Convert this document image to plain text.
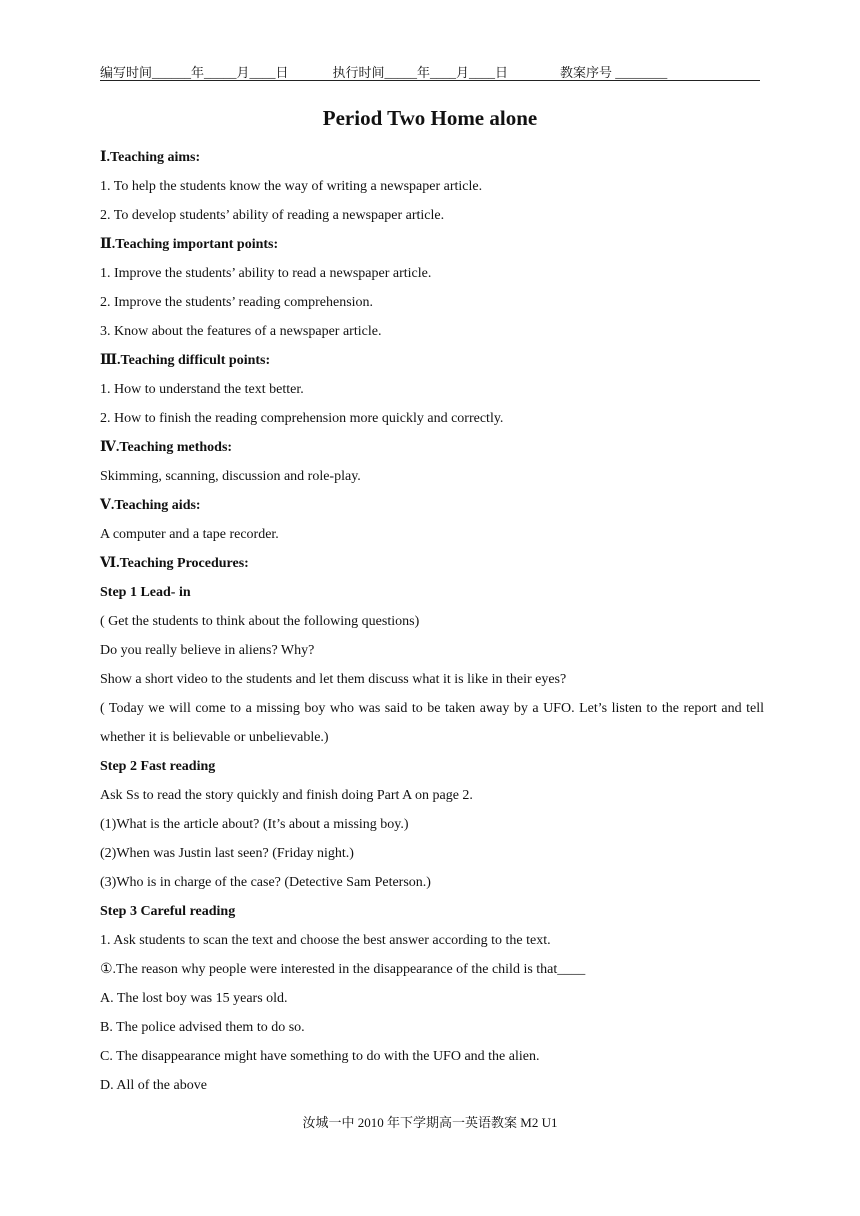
编写时间______年_____月____日	执行时间_____年____月____日	教案序号 ________
Period Two Home alone
Ⅰ.Teaching aims:
1. To help the students know the way of writing a newspaper article.
2. To develop students’ ability of reading a newspaper article.
Ⅱ.Teaching important points:
1. Improve the students’ ability to read a newspaper article.
2. Improve the students’ reading comprehension.
3. Know about the features of a newspaper article.
Ⅲ.Teaching difficult points:
1. How to understand the text better.
2. How to finish the reading comprehension more quickly and correctly.
Ⅳ.Teaching methods:
Skimming, scanning, discussion and role-play.
Ⅴ.Teaching aids:
A computer and a tape recorder.
Ⅵ.Teaching Procedures:
Step 1 Lead- in
( Get the students to think about the following questions)
Do you really believe in aliens? Why?
Show a short video to the students and let them discuss what it is like in their eyes?
( Today we will come to a missing boy who was said to be taken away by a UFO. Let’s listen to the report and tell whether it is believable or unbelievable.)
Step 2 Fast reading
Ask Ss to read the story quickly and finish doing Part A on page 2.
(1)What is the article about? (It’s about a missing boy.)
(2)When was Justin last seen? (Friday night.)
(3)Who is in charge of the case? (Detective Sam Peterson.)
Step 3 Careful reading
1. Ask students to scan the text and choose the best answer according to the text.
①.The reason why people were interested in the disappearance of the child is that____
A. The lost boy was 15 years old.
B. The police advised them to do so.
C. The disappearance might have something to do with the UFO and the alien.
D. All of the above
汝城一中 2010 年下学期高一英语教案 M2 U1
